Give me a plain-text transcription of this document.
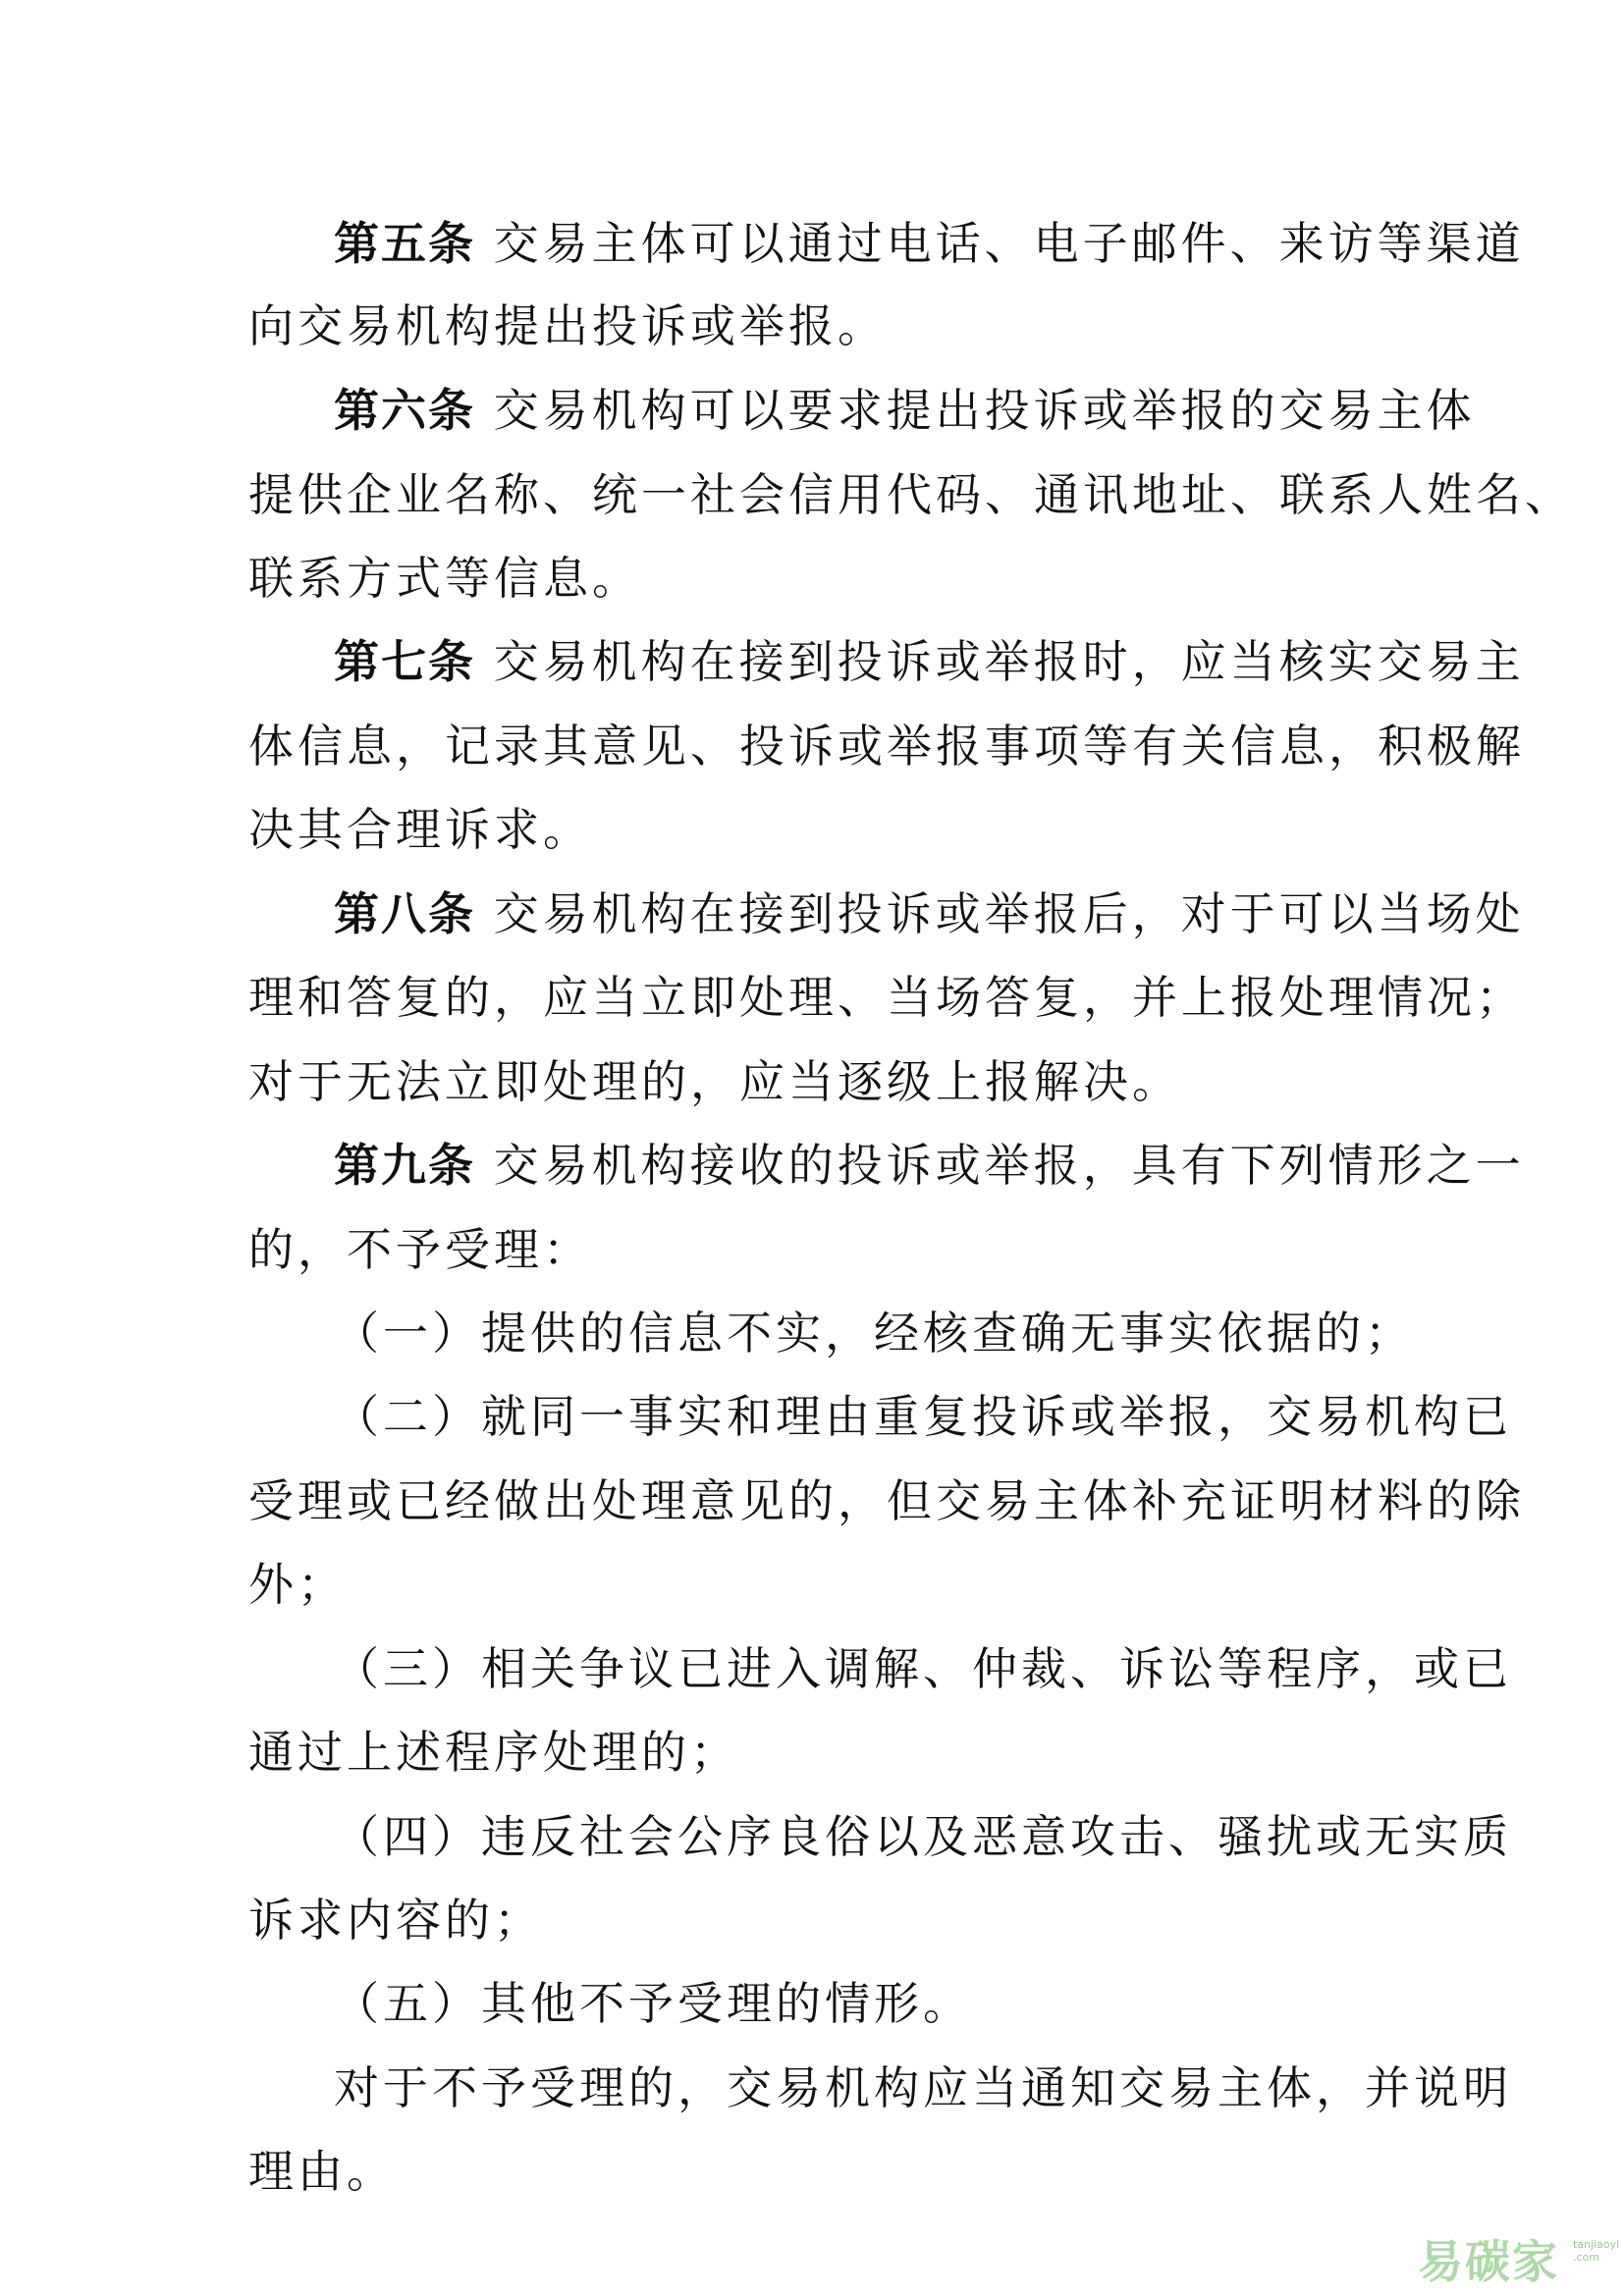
第五条 交易主体可以通过电话、电子邮件、来访等渠道
向交易机构提出投诉或举报。
第六条 交易机构可以要求提出投诉或举报的交易主体
提供企业名称、统一社会信用代码、通讯地址、联系人姓名、
联系方式等信息。
第七条 交易机构在接到投诉或举报时，应当核实交易主
体信息，记录其意见、投诉或举报事项等有关信息，积极解
决其合理诉求。
第八条 交易机构在接到投诉或举报后，对于可以当场处
理和答复的，应当立即处理、当场答复，并上报处理情况；
对于无法立即处理的，应当逐级上报解决。
第九条 交易机构接收的投诉或举报，具有下列情形之一
的，不予受理：
（一）提供的信息不实，经核查确无事实依据的；
（二）就同一事实和理由重复投诉或举报，交易机构已
受理或已经做出处理意见的，但交易主体补充证明材料的除
外；
（三）相关争议已进入调解、仲裁、诉讼等程序，或已
通过上述程序处理的；
（四）违反社会公序良俗以及恶意攻击、骚扰或无实质
诉求内容的；
（五）其他不予受理的情形。
对于不予受理的，交易机构应当通知交易主体，并说明
理由。
易碳家 tanjiaoyi
.com
